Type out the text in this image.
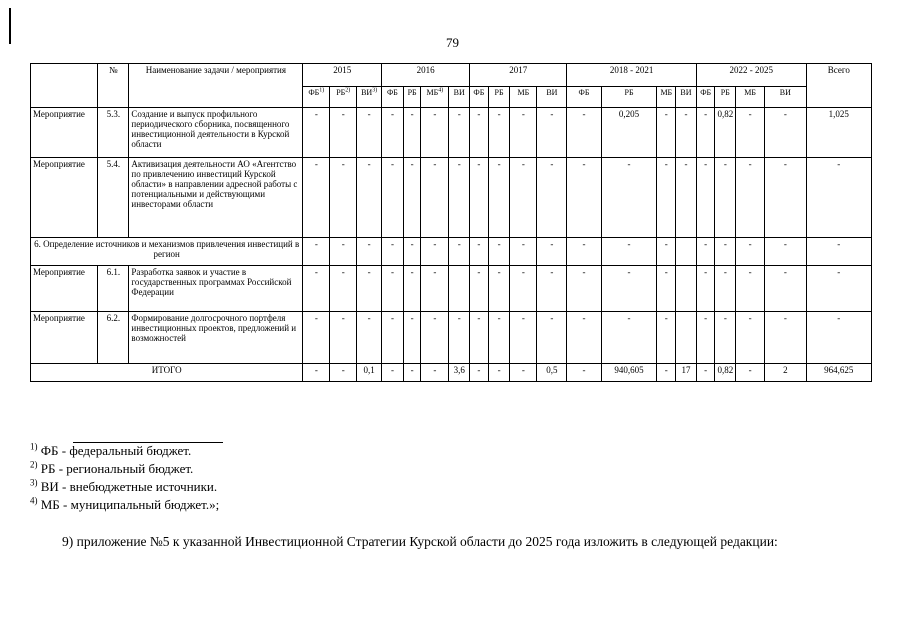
79
	№	Наименование задачи / мероприятия	2015			2016				2017				2018 - 2021				2022 - 2025				Всего
			ФБ$^{1)}$	РБ$^{2)}$	ВИ$^{3)}$	ФБ	РБ	МБ$^{4)}$	ВИ	ФБ	РБ	МБ	ВИ	ФБ	РБ	МБ	ВИ	ФБ	РБ	МБ	ВИ	
Мероприятие	5.3.	Создание и выпуск профильного периодического сборника, посвященного инвестиционной деятельности в Курской области	-	-	-	-	-	-	-	-	-	-	-	-	0,205	-	-	-	0,82	-	-	1,025
Мероприятие	5.4.	Активизация деятельности АО «Агентство по привлечению инвестиций Курской области» в направлении адресной работы с потенциальными и действующими инвесторами области	-	-	-	-	-	-	-	-	-	-	-	-	-	-	-	-	-	-	-	-
6. Определение источников и механизмов привлечения инвестиций в регион			-	-	-	-	-	-	-	-	-	-	-	-	-	-		-	-	-	-	-
Мероприятие	6.1.	Разработка заявок и участие в государственных программах Российской Федерации	-	-	-	-	-	-		-	-	-	-	-	-	-		-	-	-	-	-
Мероприятие	6.2.	Формирование долгосрочного портфеля инвестиционных проектов, предложений и возможностей	-	-	-	-	-	-	-	-	-	-	-	-	-	-		-	-	-	-	-
ИТОГО			-	-	0,1	-	-	-	3,6	-	-	-	0,5	-	940,605	-	17	-	0,82	-	2	964,625
$^{1)}$ ФБ - федеральный бюджет.
$^{2)}$ РБ - региональный бюджет.
$^{3)}$ ВИ - внебюджетные источники.
$^{4)}$ МБ - муниципальный бюджет.»;
9) приложение №5 к указанной Инвестиционной Стратегии Курской области до 2025 года изложить в следующей редакции:
